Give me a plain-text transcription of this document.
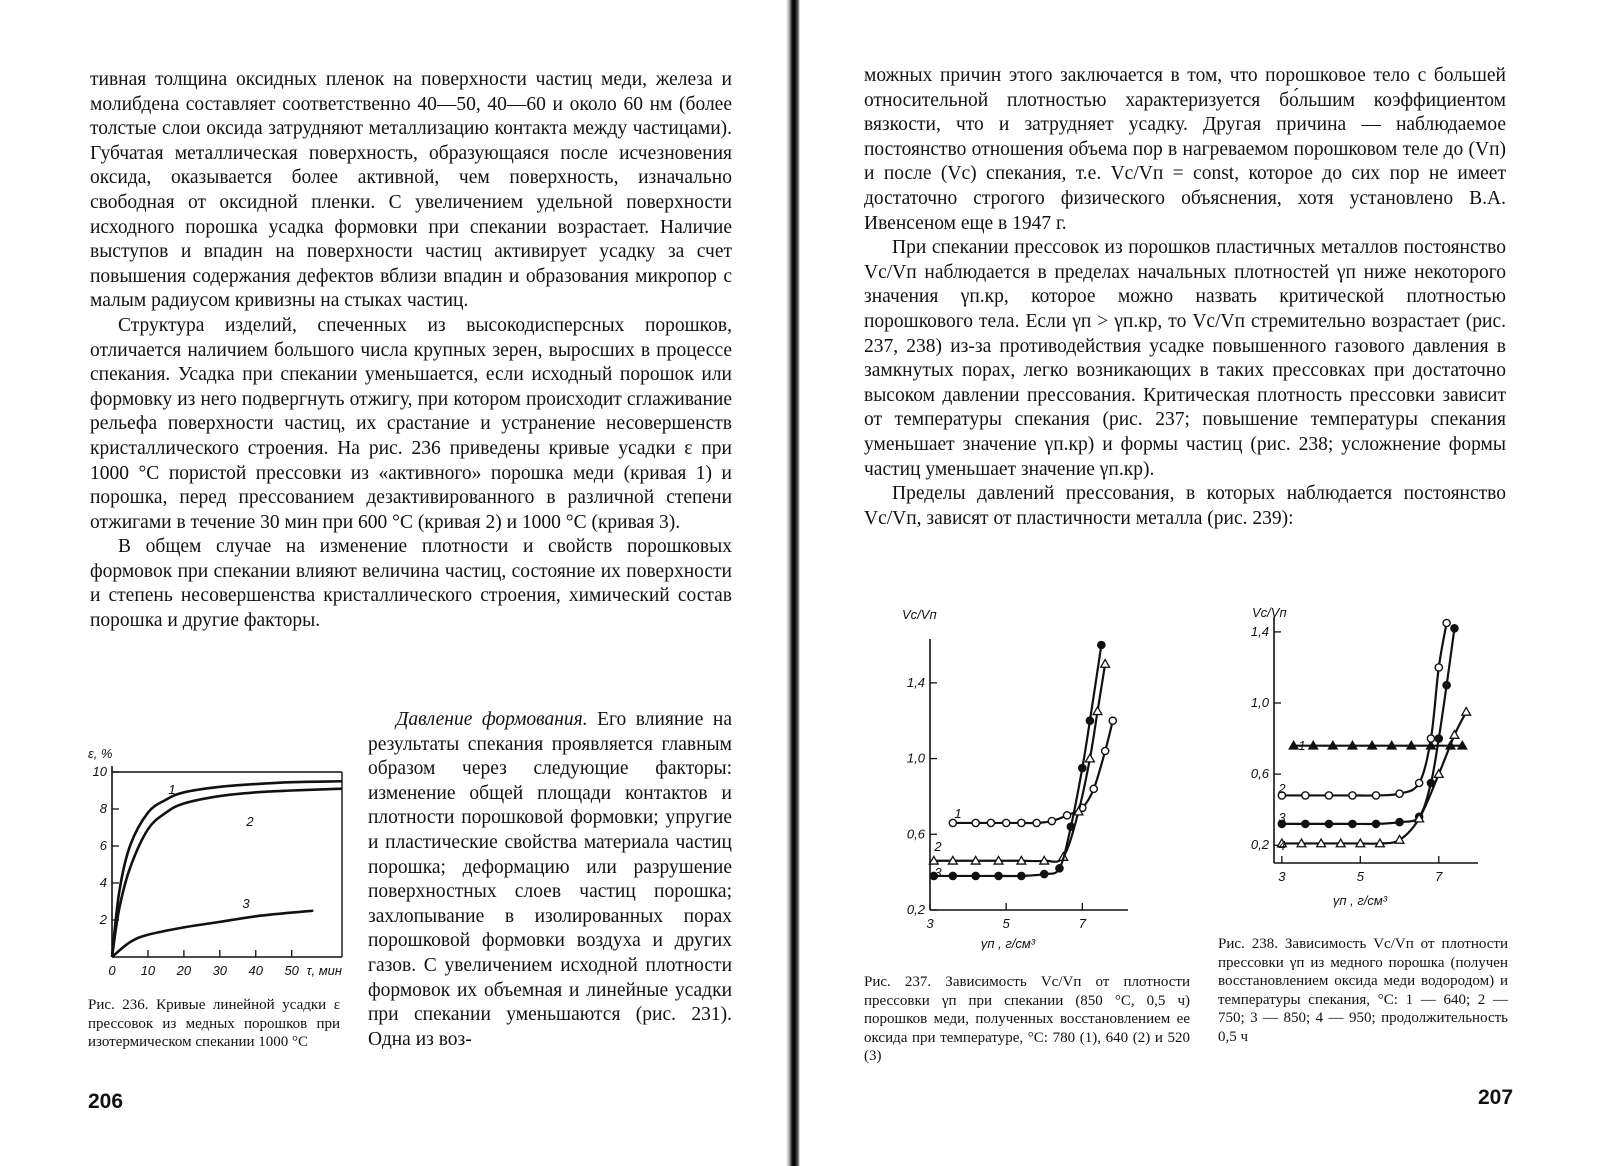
тивная толщина оксидных пленок на поверхности частиц меди, железа и молибдена составляет соответственно 40—50, 40—60 и около 60 нм (более толстые слои оксида затрудняют металлизацию контакта между частицами). Губчатая металлическая поверхность, образующаяся после исчезновения оксида, оказывается более активной, чем поверхность, изначально свободная от оксидной пленки. С увеличением удельной поверхности исходного порошка усадка формовки при спекании возрастает. Наличие выступов и впадин на поверхности частиц активирует усадку за счет повышения содержания дефектов вблизи впадин и образования микропор с малым радиусом кривизны на стыках частиц.

Структура изделий, спеченных из высокодисперсных порошков, отличается наличием большого числа крупных зерен, выросших в процессе спекания. Усадка при спекании уменьшается, если исходный порошок или формовку из него подвергнуть отжигу, при котором происходит сглаживание рельефа поверхности частиц, их срастание и устранение несовершенств кристаллического строения. На рис. 236 приведены кривые усадки ε при 1000 °С пористой прессовки из «активного» порошка меди (кривая 1) и порошка, перед прессованием дезактивированного в различной степени отжигами в течение 30 мин при 600 °С (кривая 2) и 1000 °С (кривая 3).

В общем случае на изменение плотности и свойств порошковых формовок при спекании влияют величина частиц, состояние их поверхности и степень несовершенства кристаллического строения, химический состав порошка и другие факторы.

Давление формования. Его влияние на результаты спекания проявляется главным образом через следующие факторы: изменение общей площади контактов и плотности порошковой формовки; упругие и пластические свойства материала частиц порошка; деформацию или разрушение поверхностных слоев частиц порошка; захлопывание в изолированных порах порошковой формовки воздуха и других газов. С увеличением исходной плотности формовок их объемная и линейные усадки при спекании уменьшаются (рис. 231). Одна из воз-

2
4
6
8
10
0 10 20 30 40 50
ε, %
τ, мин
1
2
3
Рис. 236. Кривые линейной усадки ε прессовок из медных порошков при изотермическом спекании 1000 °С
206

можных причин этого заключается в том, что порошковое тело с большей относительной плотностью характеризуется бо́льшим коэффициентом вязкости, что и затрудняет усадку. Другая причина — наблюдаемое постоянство отношения объема пор в нагреваемом порошковом теле до (Vп) и после (Vс) спекания, т.е. Vс/Vп = const, которое до сих пор не имеет достаточно строгого физического объяснения, хотя установлено В.А. Ивенсеном еще в 1947 г.

При спекании прессовок из порошков пластичных металлов постоянство Vс/Vп наблюдается в пределах начальных плотностей γп ниже некоторого значения γп.кр, которое можно назвать критической плотностью порошкового тела. Если γп > γп.кр, то Vс/Vп стремительно возрастает (рис. 237, 238) из-за противодействия усадке повышенного газового давления в замкнутых порах, легко возникающих в таких прессовках при достаточно высоком давлении прессования. Критическая плотность прессовки зависит от температуры спекания (рис. 237; повышение температуры спекания уменьшает значение γп.кр) и формы частиц (рис. 238; усложнение формы частиц уменьшает значение γп.кр).

Пределы давлений прессования, в которых наблюдается постоянство Vс/Vп, зависят от пластичности металла (рис. 239):

0,2
0,6
1,0
1,4
3	5	7
Vс/Vп
γп , г/см³
1
2
3
0,2
0,6
1,0
1,4
3	5	7
Vс/Vп
γп , г/см³
1
2
3
4
Рис. 237. Зависимость Vс/Vп от плотности прессовки γп при спекании (850 °С, 0,5 ч) порошков меди, полученных восстановлением ее оксида при температуре, °С: 780 (1), 640 (2) и 520 (3)
Рис. 238. Зависимость Vс/Vп от плотности прессовки γп из медного порошка (получен восстановлением оксида меди водородом) и температуры спекания, °С: 1 — 640; 2 — 750; 3 — 850; 4 — 950; продолжительность 0,5 ч
207
